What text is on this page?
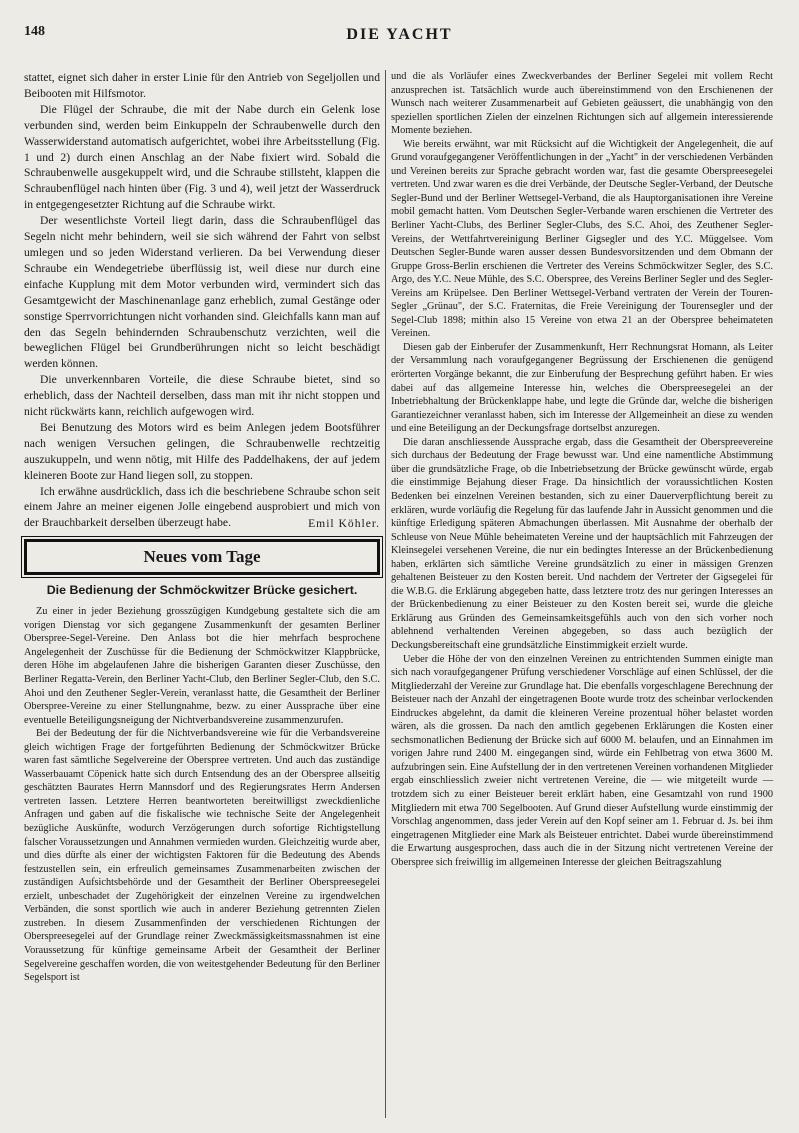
148	DIE YACHT

stattet, eignet sich daher in erster Linie für den Antrieb von Segeljollen und Beibooten mit Hilfsmotor.

Die Flügel der Schraube, die mit der Nabe durch ein Gelenk lose verbunden sind, werden beim Einkuppeln der Schraubenwelle durch den Wasserwiderstand automatisch aufgerichtet, wobei ihre Arbeitsstellung (Fig. 1 und 2) durch einen Anschlag an der Nabe fixiert wird. Sobald die Schraubenwelle ausgekuppelt wird, und die Schraube stillsteht, klappen die Schraubenflügel nach hinten über (Fig. 3 und 4), weil jetzt der Wasserdruck in entgegengesetzter Richtung auf die Schraube wirkt.

Der wesentlichste Vorteil liegt darin, dass die Schraubenflügel das Segeln nicht mehr behindern, weil sie sich während der Fahrt von selbst umlegen und so jeden Widerstand verlieren. Da bei Verwendung dieser Schraube ein Wendegetriebe überflüssig ist, weil diese nur durch eine einfache Kupplung mit dem Motor verbunden wird, vermindert sich das Gesamtgewicht der Maschinenanlage ganz erheblich, zumal Gestänge oder sonstige Sperrvorrichtungen nicht vorhanden sind. Gleichfalls kann man auf den das Segeln behindernden Schraubenschutz verzichten, weil die beweglichen Flügel bei Grundberührungen nicht so leicht beschädigt werden können.

Die unverkennbaren Vorteile, die diese Schraube bietet, sind so erheblich, dass der Nachteil derselben, dass man mit ihr nicht stoppen und nicht rückwärts kann, reichlich aufgewogen wird.

Bei Benutzung des Motors wird es beim Anlegen jedem Bootsführer nach wenigen Versuchen gelingen, die Schraubenwelle rechtzeitig auszukuppeln, und wenn nötig, mit Hilfe des Paddelhakens, der auf jedem kleineren Boote zur Hand liegen soll, zu stoppen.

Ich erwähne ausdrücklich, dass ich die beschriebene Schraube schon seit einem Jahre an meiner eigenen Jolle eingebend ausprobiert und mich von der Brauchbarkeit derselben überzeugt habe.	Emil Köhler.
Neues vom Tage
Die Bedienung der Schmöckwitzer Brücke gesichert.

Zu einer in jeder Beziehung grosszügigen Kundgebung gestaltete sich die am vorigen Dienstag vor sich gegangene Zusammenkunft der gesamten Berliner Oberspree-Segel-Vereine. Den Anlass bot die hier mehrfach besprochene Angelegenheit der Zuschüsse für die Bedienung der Schmöckwitzer Klappbrücke, deren Höhe im abgelaufenen Jahre die bisherigen Garanten dieser Zuschüsse, den Berliner Regatta-Verein, den Berliner Yacht-Club, den Berliner Segler-Club, den S.C. Ahoi und den Zeuthener Segler-Verein, veranlasst hatte, die Gesamtheit der Berliner Oberspree-Vereine zu einer Stellungnahme, bezw. zu einer Aussprache über eine eventuelle Beteiligungsneigung der Nichtverbandsvereine zusammenzurufen.

Bei der Bedeutung der für die Nichtverbandsvereine wie für die Verbandsvereine gleich wichtigen Frage der fortgeführten Bedienung der Schmöckwitzer Brücke waren fast sämtliche Segelvereine der Oberspree vertreten. Und auch das zuständige Wasserbauamt Cöpenick hatte sich durch Entsendung des an der Oberspree allseitig geschätzten Baurates Herrn Mannsdorf und des Regierungsrates Herrn Andersen vertreten lassen. Letztere Herren beantworteten bereitwilligst zweckdienliche Anfragen und gaben auf die fiskalische wie technische Seite der Angelegenheit bezügliche Auskünfte, wodurch Verzögerungen durch sofortige Richtigstellung falscher Voraussetzungen und Annahmen vermieden wurden. Gleichzeitig wurde aber, und dies dürfte als einer der wichtigsten Faktoren für die Bedeutung des Abends festzustellen sein, ein erfreulich gemeinsames Zusammenarbeiten zwischen der zuständigen Aufsichtsbehörde und der Gesamtheit der Berliner Oberspreesegelei erzielt, unbeschadet der Zugehörigkeit der einzelnen Vereine zu irgendwelchen Verbänden, die sonst sportlich wie auch in anderer Beziehung getrennten Zielen zustreben. In diesem Zusammenfinden der verschiedenen Richtungen der Oberspreesegelei auf der Grundlage reiner Zweckmässigkeitsmassnahmen ist eine Voraussetzung für künftige gemeinsame Arbeit der Gesamtheit der Berliner Segelvereine geschaffen worden, die von weitestgehender Bedeutung für den Berliner Segelsport ist

und die als Vorläufer eines Zweckverbandes der Berliner Segelei mit vollem Recht anzusprechen ist. Tatsächlich wurde auch übereinstimmend von den Erschienenen der Wunsch nach weiterer Zusammenarbeit auf Gebieten geäussert, die unabhängig von den speziellen sportlichen Zielen der einzelnen Richtungen sich auf allgemein interessierende Momente beziehen.

Wie bereits erwähnt, war mit Rücksicht auf die Wichtigkeit der Angelegenheit, die auf Grund voraufgegangener Veröffentlichungen in der „Yacht" in der verschiedenen Verbänden und Vereinen bereits zur Sprache gebracht worden war, fast die gesamte Oberspreesegelei vertreten. Und zwar waren es die drei Verbände, der Deutsche Segler-Verband, der Deutsche Segler-Bund und der Berliner Wettsegel-Verband, die als Hauptorganisationen ihre Vereine mobil gemacht hatten. Vom Deutschen Segler-Verbande waren erschienen die Vertreter des Berliner Yacht-Clubs, des Berliner Segler-Clubs, des S.C. Ahoi, des Zeuthener Segler-Vereins, der Wettfahrtvereinigung Berliner Gigsegler und des Y.C. Müggelsee. Vom Deutschen Segler-Bunde waren ausser dessen Bundesvorsitzenden und dem Obmann der Gruppe Gross-Berlin erschienen die Vertreter des Vereins Schmöckwitzer Segler, des S.C. Argo, des Y.C. Neue Mühle, des S.C. Oberspree, des Vereins Berliner Segler und des Segler-Vereins am Krüpelsee. Den Berliner Wettsegel-Verband vertraten der Verein der Touren-Segler „Grünau", der S.C. Fraternitas, die Freie Vereinigung der Tourensegler und der Segel-Club 1898; mithin also 15 Vereine von etwa 21 an der Oberspree beheimateten Vereinen.

Diesen gab der Einberufer der Zusammenkunft, Herr Rechnungsrat Homann, als Leiter der Versammlung nach voraufgegangener Begrüssung der Erschienenen die genügend erörterten Vorgänge bekannt, die zur Einberufung der Besprechung geführt haben. Er wies dabei auf das allgemeine Interesse hin, welches die Oberspreesegelei an der Inbetriebhaltung der Brückenklappe habe, und legte die Gründe dar, welche die bisherigen Garantiezeichner veranlasst haben, sich im Interesse der Allgemeinheit an diese zu wenden und eine Beteiligung an der Deckungsfrage dortselbst anzuregen.

Die daran anschliessende Aussprache ergab, dass die Gesamtheit der Oberspreevereine sich durchaus der Bedeutung der Frage bewusst war. Und eine namentliche Abstimmung über die grundsätzliche Frage, ob die Inbetriebsetzung der Brücke gewünscht würde, ergab die einstimmige Bejahung dieser Frage. Da hinsichtlich der voraussichtlichen Kosten Bedenken bei einzelnen Vereinen bestanden, sich zu einer Dauerverpflichtung bereit zu erklären, wurde vorläufig die Regelung für das laufende Jahr in Aussicht genommen und die künftige Erledigung späteren Abmachungen überlassen. Mit Ausnahme der oberhalb der Schleuse von Neue Mühle beheimateten Vereine und der hauptsächlich mit Fahrzeugen der Kleinsegelei versehenen Vereine, die nur ein bedingtes Interesse an der Brückenbedienung haben, erklärten sich sämtliche Vereine grundsätzlich zu einer in mässigen Grenzen gehaltenen Beisteuer zu den Kosten bereit. Und nachdem der Vertreter der Gigsegelei für die W.B.G. die Erklärung abgegeben hatte, dass letztere trotz des nur geringen Interesses an der Brückenbedienung zu einer Beisteuer zu den Kosten bereit sei, wurde die gleiche Erklärung aus Gründen des Gemeinsamkeitsgefühls auch von den sich vorher noch ablehnend verhaltenden Vereinen abgegeben, so dass auch bezüglich der Deckungsbereitschaft eine grundsätzliche Einstimmigkeit erzielt wurde.

Ueber die Höhe der von den einzelnen Vereinen zu entrichtenden Summen einigte man sich nach voraufgegangener Prüfung verschiedener Vorschläge auf einen Schlüssel, der die Mitgliederzahl der Vereine zur Grundlage hat. Die ebenfalls vorgeschlagene Berechnung der Beisteuer nach der Anzahl der eingetragenen Boote wurde trotz des scheinbar verlockenden Eindruckes abgelehnt, da damit die kleineren Vereine prozentual höher belastet worden wären, als die grossen. Da nach den amtlich gegebenen Erklärungen die Kosten einer sechsmonatlichen Bedienung der Brücke sich auf 6000 M. belaufen, und an Einnahmen im vorigen Jahre rund 2400 M. eingegangen sind, würde ein Fehlbetrag von etwa 3600 M. aufzubringen sein. Eine Aufstellung der in den vertretenen Vereinen vorhandenen Mitglieder ergab einschliesslich zweier nicht vertretenen Vereine, die — wie mitgeteilt wurde — trotzdem sich zu einer Beisteuer bereit erklärt haben, eine Gesamtzahl von rund 1900 Mitgliedern mit etwa 700 Segelbooten. Auf Grund dieser Aufstellung wurde einstimmig der Vorschlag angenommen, dass jeder Verein auf den Kopf seiner am 1. Februar d. Js. bei ihm eingetragenen Mitglieder eine Mark als Beisteuer entrichtet. Dabei wurde übereinstimmend die Erwartung ausgesprochen, dass auch die in der Sitzung nicht vertretenen Vereine der Oberspree sich freiwillig im allgemeinen Interesse der gleichen Beitragszahlung
